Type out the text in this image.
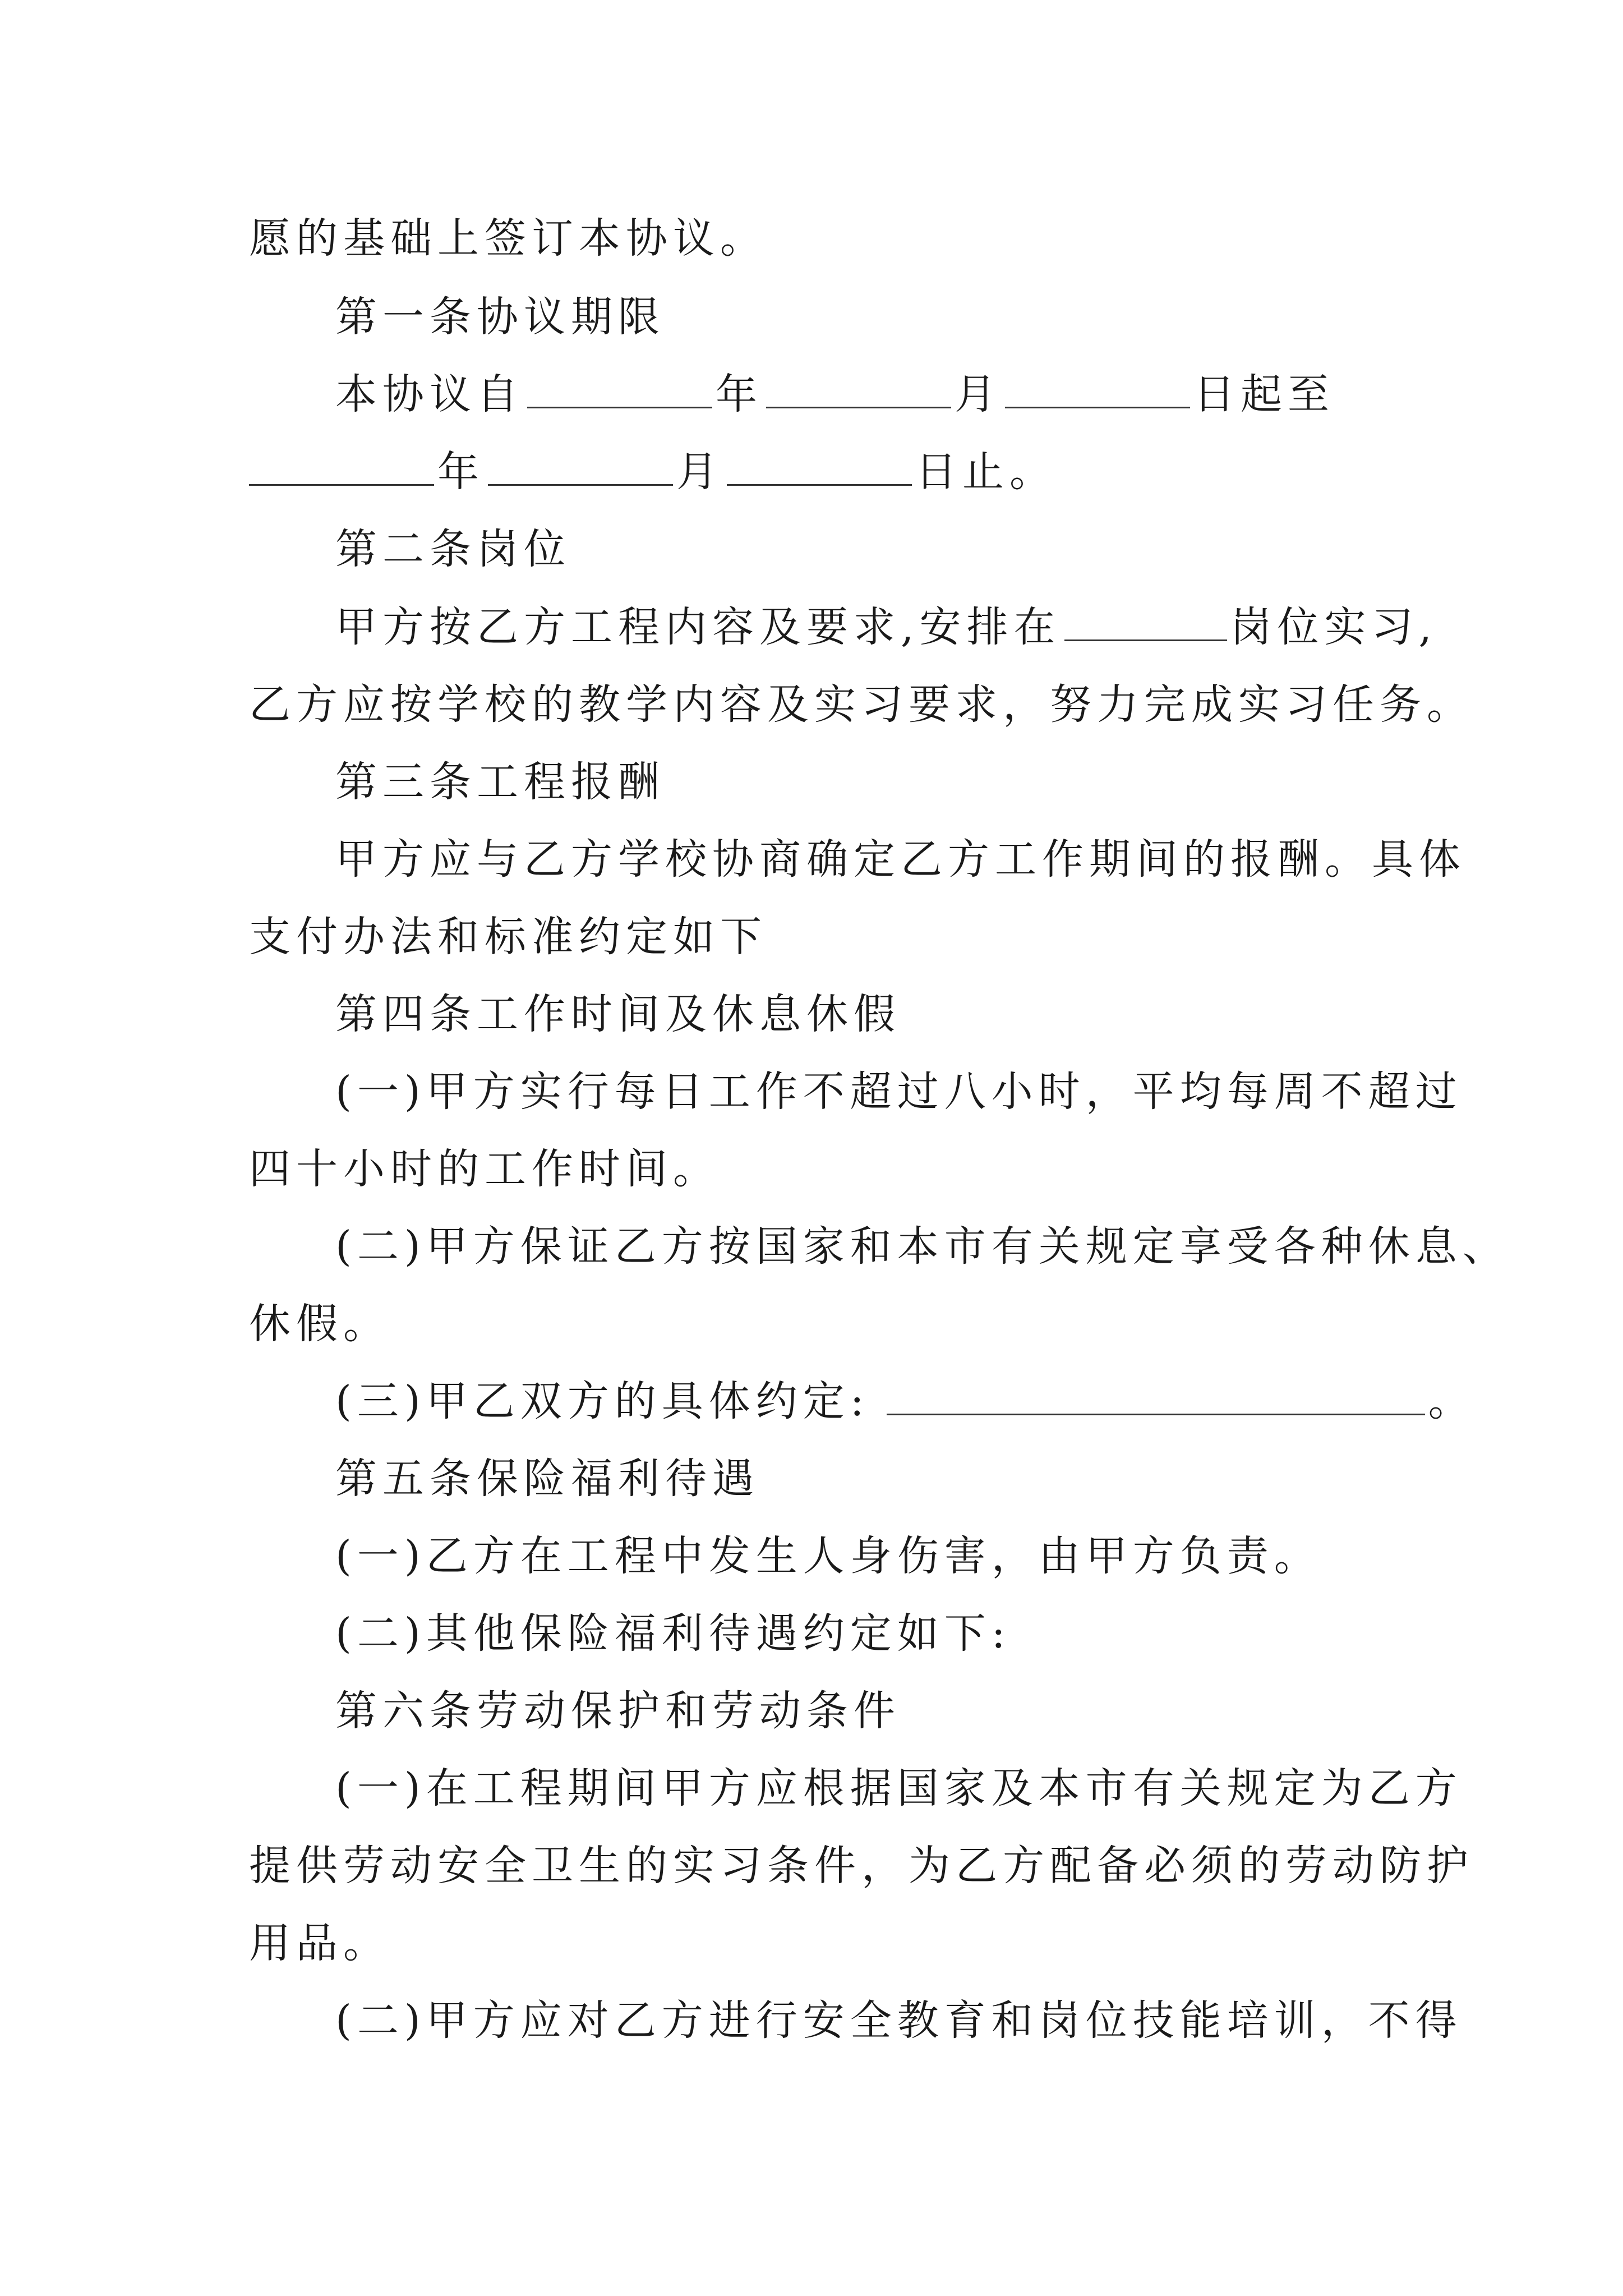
愿的基础上签订本协议。
第一条协议期限
本协议自	年	月	日起至
年	月	日止。
第二条岗位
甲方按乙方工程内容及要求,安排在	岗位实习,
乙方应按学校的教学内容及实习要求，努力完成实习任务。
第三条工程报酬
甲方应与乙方学校协商确定乙方工作期间的报酬。具体
支付办法和标准约定如下
第四条工作时间及休息休假
(一)甲方实行每日工作不超过八小时，平均每周不超过
四十小时的工作时间。
(二)甲方保证乙方按国家和本市有关规定享受各种休息、
休假。
(三)甲乙双方的具体约定:	。
第五条保险福利待遇
(一)乙方在工程中发生人身伤害，由甲方负责。
(二)其他保险福利待遇约定如下:
第六条劳动保护和劳动条件
(一)在工程期间甲方应根据国家及本市有关规定为乙方
提供劳动安全卫生的实习条件，为乙方配备必须的劳动防护
用品。
(二)甲方应对乙方进行安全教育和岗位技能培训，不得
